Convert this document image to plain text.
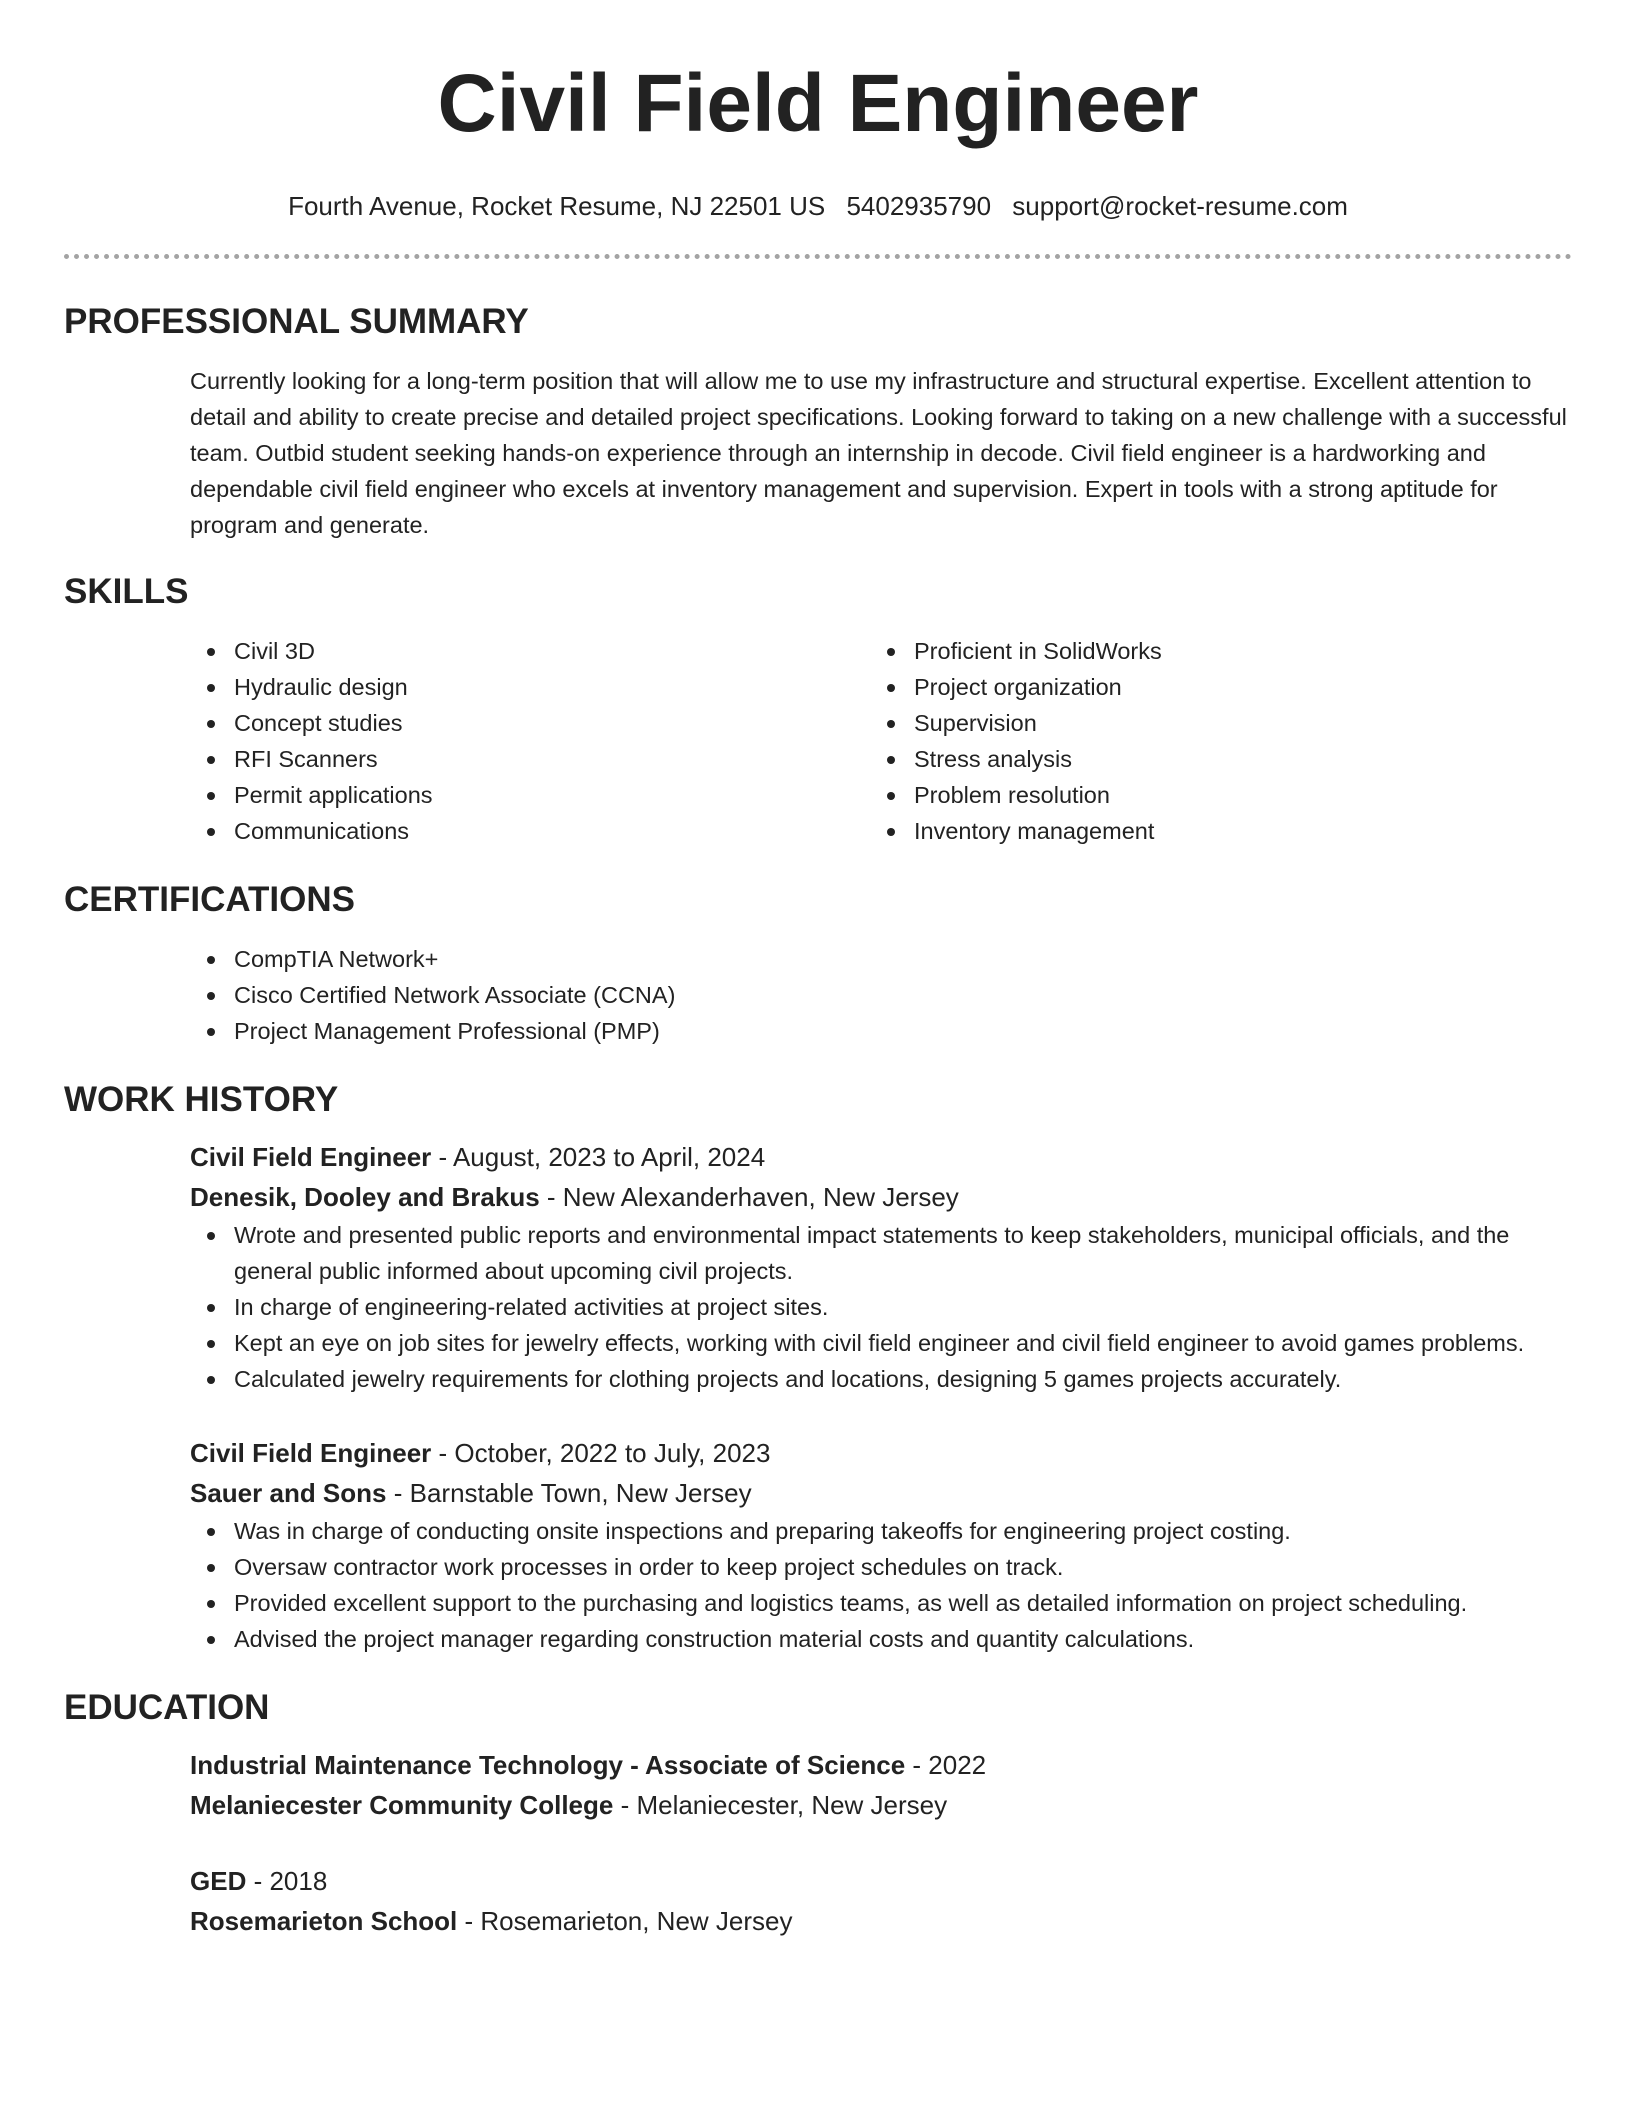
Civil Field Engineer
Fourth Avenue, Rocket Resume, NJ 22501 US 5402935790 support@rocket-resume.com
PROFESSIONAL SUMMARY

Currently looking for a long-term position that will allow me to use my infrastructure and structural expertise. Excellent attention to detail and ability to create precise and detailed project specifications. Looking forward to taking on a new challenge with a successful team. Outbid student seeking hands-on experience through an internship in decode. Civil field engineer is a hardworking and dependable civil field engineer who excels at inventory management and supervision. Expert in tools with a strong aptitude for program and generate.

SKILLS
Civil 3D
Hydraulic design
Concept studies
RFI Scanners
Permit applications
Communications
Proficient in SolidWorks
Project organization
Supervision
Stress analysis
Problem resolution
Inventory management
CERTIFICATIONS
CompTIA Network+
Cisco Certified Network Associate (CCNA)
Project Management Professional (PMP)
WORK HISTORY
Civil Field Engineer - August, 2023 to April, 2024
Denesik, Dooley and Brakus - New Alexanderhaven, New Jersey
Wrote and presented public reports and environmental impact statements to keep stakeholders, municipal officials, and the general public informed about upcoming civil projects.
In charge of engineering-related activities at project sites.
Kept an eye on job sites for jewelry effects, working with civil field engineer and civil field engineer to avoid games problems.
Calculated jewelry requirements for clothing projects and locations, designing 5 games projects accurately.
Civil Field Engineer - October, 2022 to July, 2023
Sauer and Sons - Barnstable Town, New Jersey
Was in charge of conducting onsite inspections and preparing takeoffs for engineering project costing.
Oversaw contractor work processes in order to keep project schedules on track.
Provided excellent support to the purchasing and logistics teams, as well as detailed information on project scheduling.
Advised the project manager regarding construction material costs and quantity calculations.
EDUCATION
Industrial Maintenance Technology - Associate of Science - 2022
Melaniecester Community College - Melaniecester, New Jersey
GED - 2018
Rosemarieton School - Rosemarieton, New Jersey
